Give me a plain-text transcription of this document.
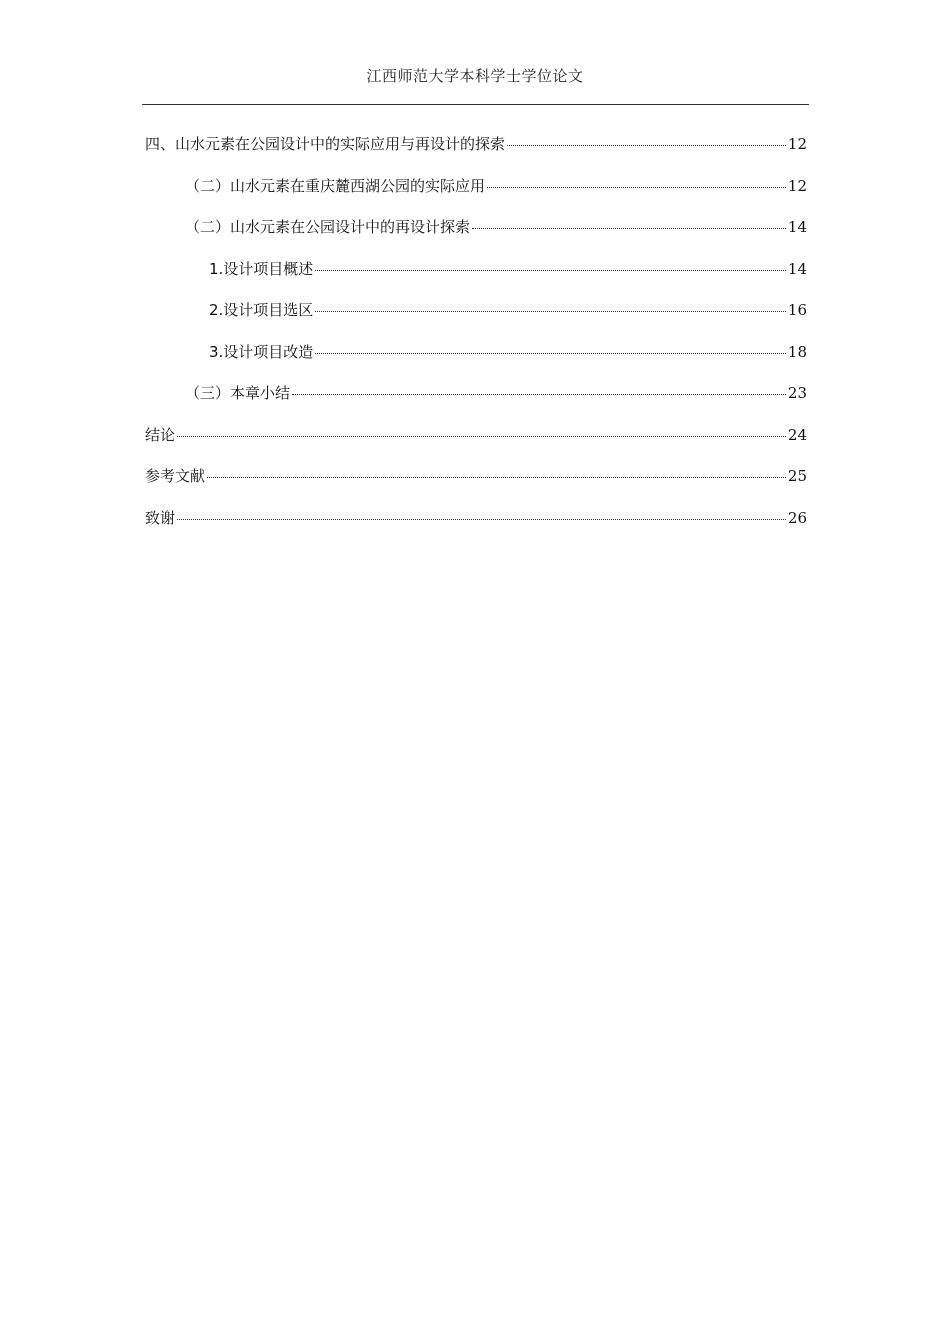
江西师范大学本科学士学位论文
四、山水元素在公园设计中的实际应用与再设计的探索	12
（二）山水元素在重庆麓西湖公园的实际应用	12
（二）山水元素在公园设计中的再设计探索	14
1.设计项目概述	14
2.设计项目选区	16
3.设计项目改造	18
（三）本章小结	23
结论	24
参考文献	25
致谢	26
